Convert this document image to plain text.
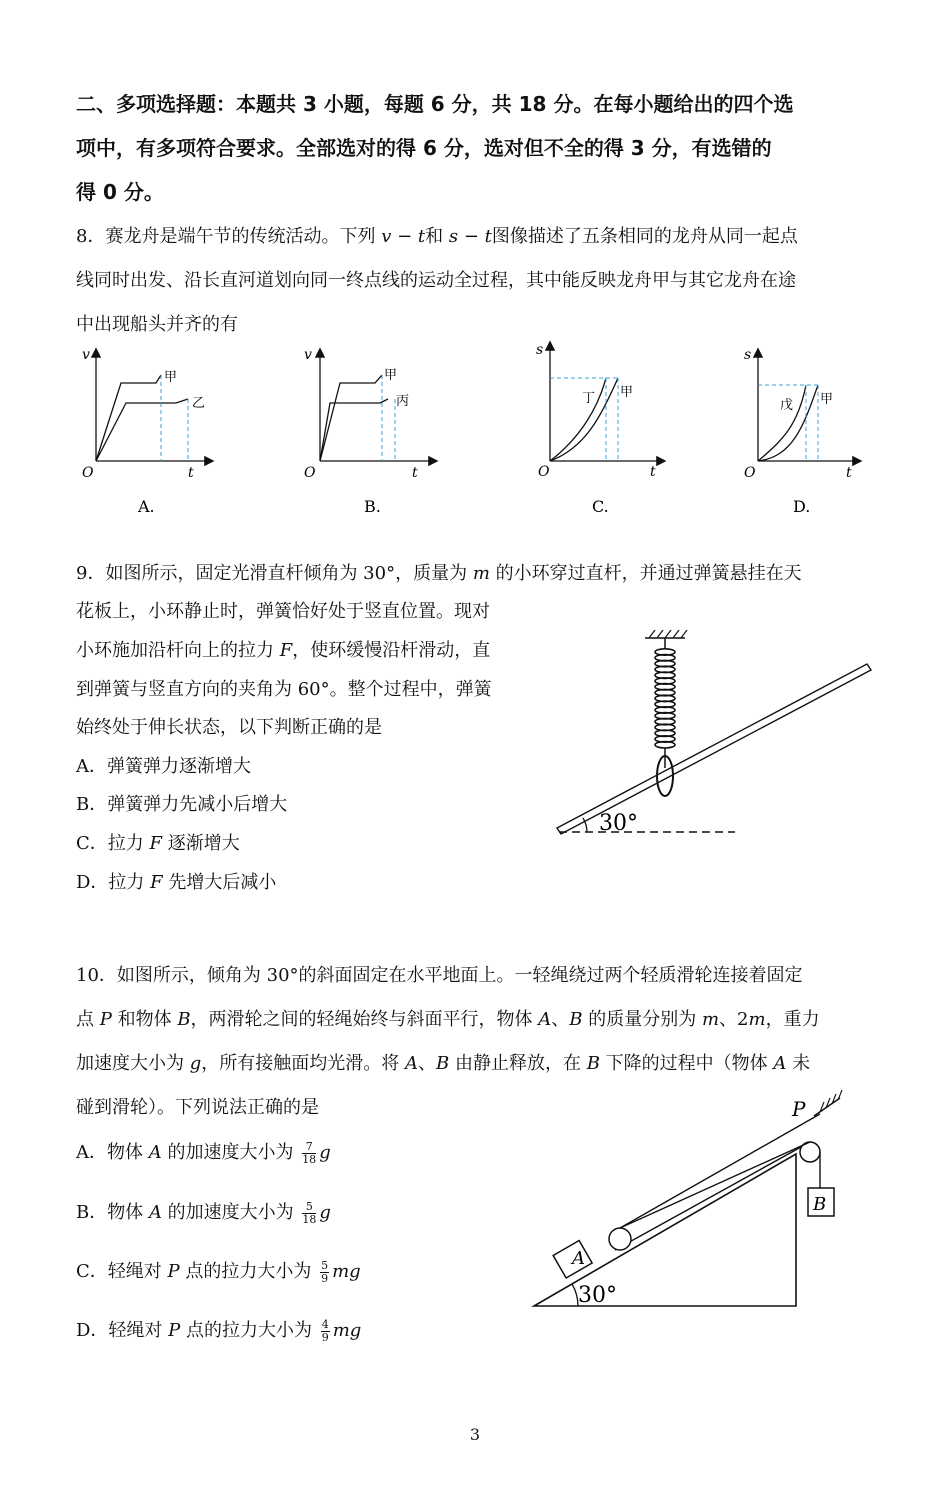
二、多项选择题：本题共 3 小题，每题 6 分，共 18 分。在每小题给出的四个选
项中，有多项符合要求。全部选对的得 6 分，选对但不全的得 3 分，有选错的
得 0 分。
8．赛龙舟是端午节的传统活动。下列 v − t和 s − t图像描述了五条相同的龙舟从同一起点
线同时出发、沿长直河道划向同一终点线的运动全过程，其中能反映龙舟甲与其它龙舟在途
中出现船头并齐的有
v
O	t
甲
乙
A.
v
O	t
甲
丙
B.
s
O	t
丁 甲
C.
s
O	t
戊 甲
D.
9．如图所示，固定光滑直杆倾角为 30°，质量为 m 的小环穿过直杆，并通过弹簧悬挂在天
花板上，小环静止时，弹簧恰好处于竖直位置。现对
小环施加沿杆向上的拉力 F，使环缓慢沿杆滑动，直
到弹簧与竖直方向的夹角为 60°。整个过程中，弹簧
始终处于伸长状态，以下判断正确的是
A．弹簧弹力逐渐增大
B．弹簧弹力先减小后增大
C．拉力 F 逐渐增大
D．拉力 F 先增大后减小
30°
10．如图所示，倾角为 30°的斜面固定在水平地面上。一轻绳绕过两个轻质滑轮连接着固定
点 P 和物体 B，两滑轮之间的轻绳始终与斜面平行，物体 A、B 的质量分别为 m、2m，重力
加速度大小为 g，所有接触面均光滑。将 A、B 由静止释放，在 B 下降的过程中（物体 A 未
碰到滑轮）。下列说法正确的是
A．物体 A 的加速度大小为 $\frac{7}{18}$ g
B．物体 A 的加速度大小为 $\frac{5}{18}$ g
C．轻绳对 P 点的拉力大小为 $\frac{5}{9}$ mg
D．轻绳对 P 点的拉力大小为 $\frac{4}{9}$ mg
P
B
A
30°
3
